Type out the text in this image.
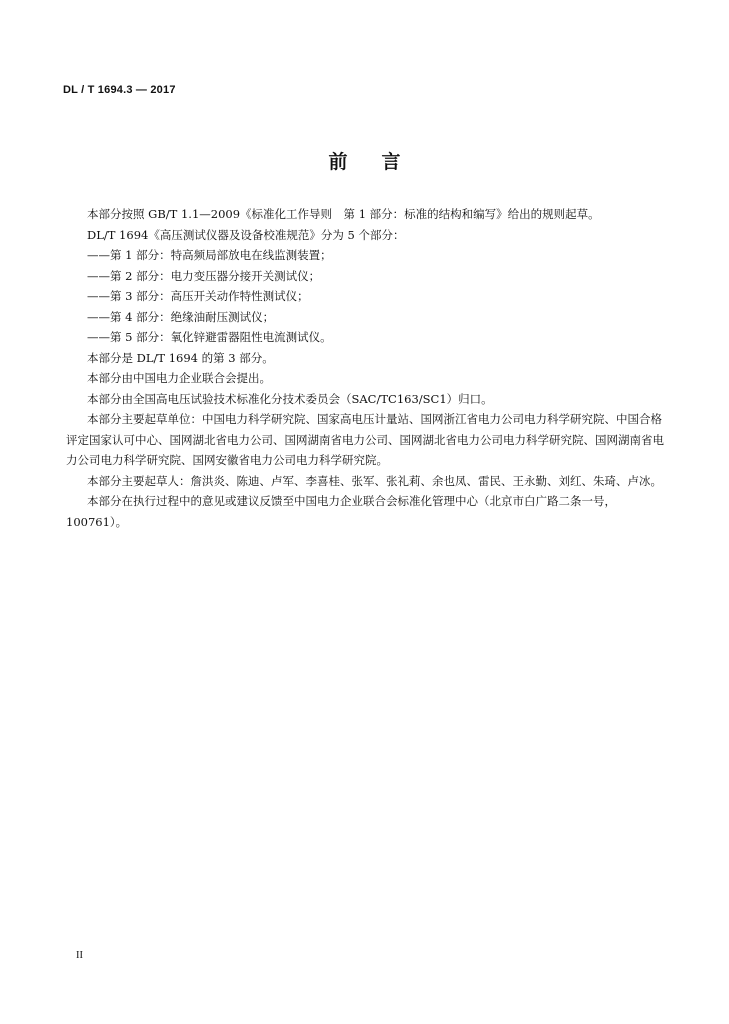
DL / T 1694.3 — 2017
前言

本部分按照 GB/T 1.1—2009《标准化工作导则　第 1 部分：标准的结构和编写》给出的规则起草。

DL/T 1694《高压测试仪器及设备校准规范》分为 5 个部分：

——第 1 部分：特高频局部放电在线监测装置；

——第 2 部分：电力变压器分接开关测试仪；

——第 3 部分：高压开关动作特性测试仪；

——第 4 部分：绝缘油耐压测试仪；

——第 5 部分：氧化锌避雷器阻性电流测试仪。

本部分是 DL/T 1694 的第 3 部分。

本部分由中国电力企业联合会提出。

本部分由全国高电压试验技术标准化分技术委员会（SAC/TC163/SC1）归口。

本部分主要起草单位：中国电力科学研究院、国家高电压计量站、国网浙江省电力公司电力科学研究院、中国合格评定国家认可中心、国网湖北省电力公司、国网湖南省电力公司、国网湖北省电力公司电力科学研究院、国网湖南省电力公司电力科学研究院、国网安徽省电力公司电力科学研究院。

本部分主要起草人：詹洪炎、陈迪、卢军、李喜桂、张军、张礼莉、余也凤、雷民、王永勤、刘红、朱琦、卢冰。

本部分在执行过程中的意见或建议反馈至中国电力企业联合会标准化管理中心（北京市白广路二条一号，100761）。

II
